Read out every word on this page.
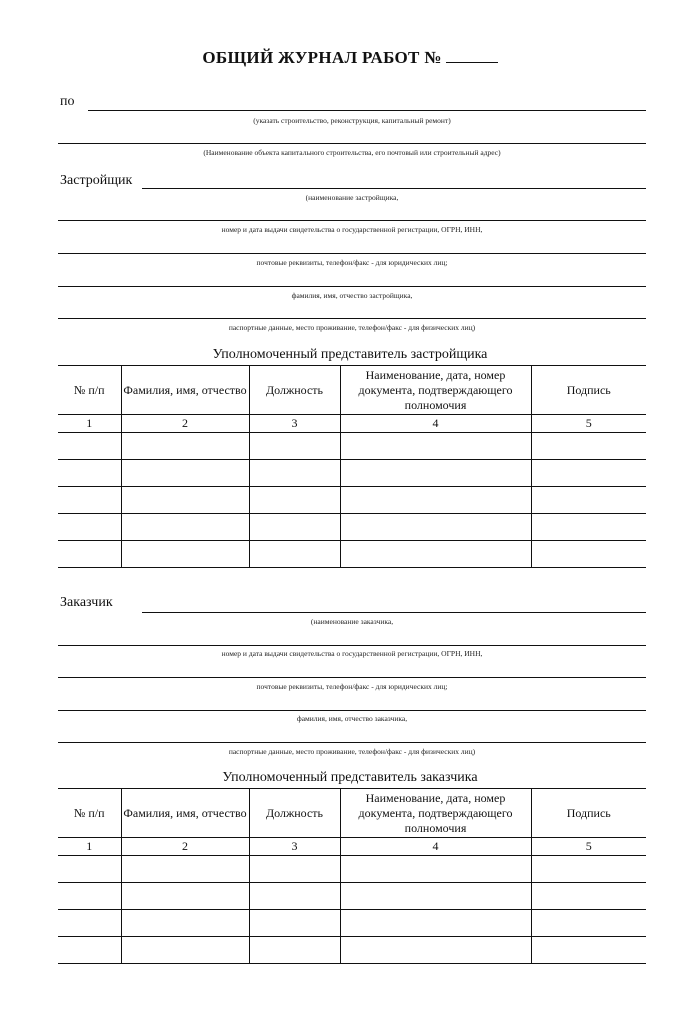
ОБЩИЙ ЖУРНАЛ РАБОТ №
по
(указать строительство, реконструкция, капитальный ремонт)
(Наименование объекта капитального строительства, его почтовый или строительный адрес)
Застройщик
(наименование застройщика,
номер и дата выдачи свидетельства о государственной регистрации, ОГРН, ИНН,
почтовые реквизиты, телефон/факс - для юридических лиц;
фамилия, имя, отчество застройщика,
паспортные данные, место проживание, телефон/факс - для физических лиц)
Уполномоченный представитель застройщика
№ п/п	Фамилия, имя, отчество	Должность	Наименование, дата, номер документа, подтверждающего полномочия	Подпись
1	2	3	4	5

Заказчик
(наименование заказчика,
номер и дата выдачи свидетельства о государственной регистрации, ОГРН, ИНН,
почтовые реквизиты, телефон/факс - для юридических лиц;
фамилия, имя, отчество заказчика,
паспортные данные, место проживание, телефон/факс - для физических лиц)
Уполномоченный представитель заказчика
№ п/п	Фамилия, имя, отчество	Должность	Наименование, дата, номер документа, подтверждающего полномочия	Подпись
1	2	3	4	5
